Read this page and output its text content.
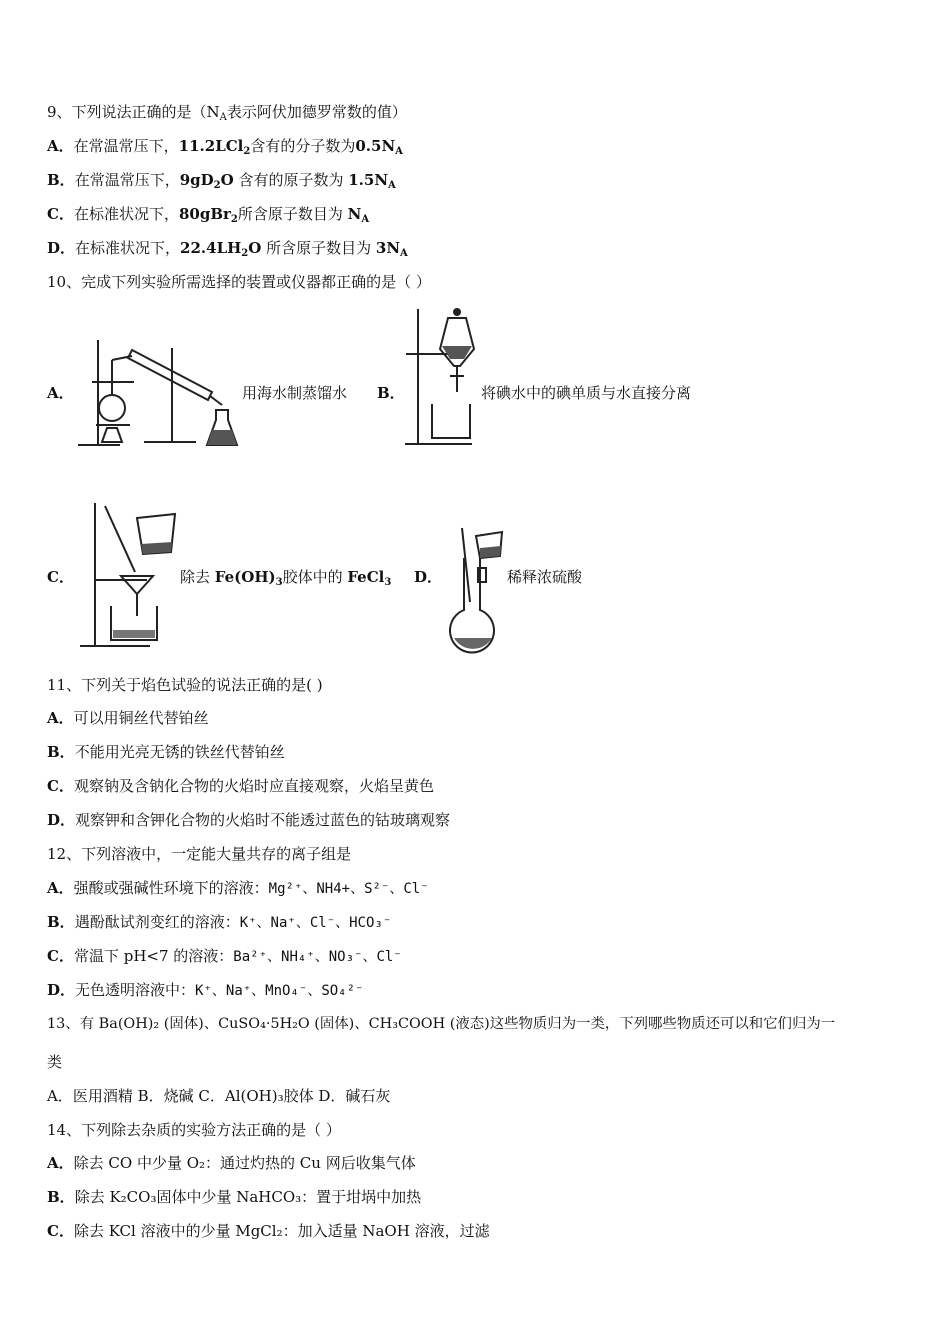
9、下列说法正确的是（$N_A$表示阿伏加德罗常数的值）
A．在常温常压下，11.2LCl$_2$含有的分子数为$0.5N_A$
B．在常温常压下，$9gD_2O$ 含有的原子数为 $1.5N_A$
C．在标准状况下，80gBr$_2$所含原子数目为 $N_A$
D．在标准状况下，$22.4LH_2O$ 所含原子数目为 $3N_A$
10、完成下列实验所需选择的装置或仪器都正确的是（ ）
A．	用海水制蒸馏水 B．	将碘水中的碘单质与水直接分离
C．	除去 $Fe(OH)_3$胶体中的 FeCl$_3$ D．	稀释浓硫酸
11、下列关于焰色试验的说法正确的是( )
A．可以用铜丝代替铂丝
B．不能用光亮无锈的铁丝代替铂丝
C．观察钠及含钠化合物的火焰时应直接观察，火焰呈黄色
D．观察钾和含钾化合物的火焰时不能透过蓝色的钴玻璃观察
12、下列溶液中，一定能大量共存的离子组是
A．强酸或强碱性环境下的溶液：Mg²⁺、NH4+、S²⁻、Cl⁻
B．遇酚酞试剂变红的溶液：K⁺、Na⁺、Cl⁻、HCO₃⁻
C．常温下 pH<7 的溶液：Ba²⁺、NH₄⁺、NO₃⁻、Cl⁻
D．无色透明溶液中：K⁺、Na⁺、MnO₄⁻、SO₄²⁻
13、有 Ba(OH)₂ (固体)、CuSO₄·5H₂O (固体)、CH₃COOH (液态)这些物质归为一类，下列哪些物质还可以和它们归为一
类
A．医用酒精 B．烧碱 C．Al(OH)₃胶体 D．碱石灰
14、下列除去杂质的实验方法正确的是（ ）
A．除去 CO 中少量 O₂：通过灼热的 Cu 网后收集气体
B．除去 K₂CO₃固体中少量 NaHCO₃：置于坩埚中加热
C．除去 KCl 溶液中的少量 MgCl₂：加入适量 NaOH 溶液，过滤
